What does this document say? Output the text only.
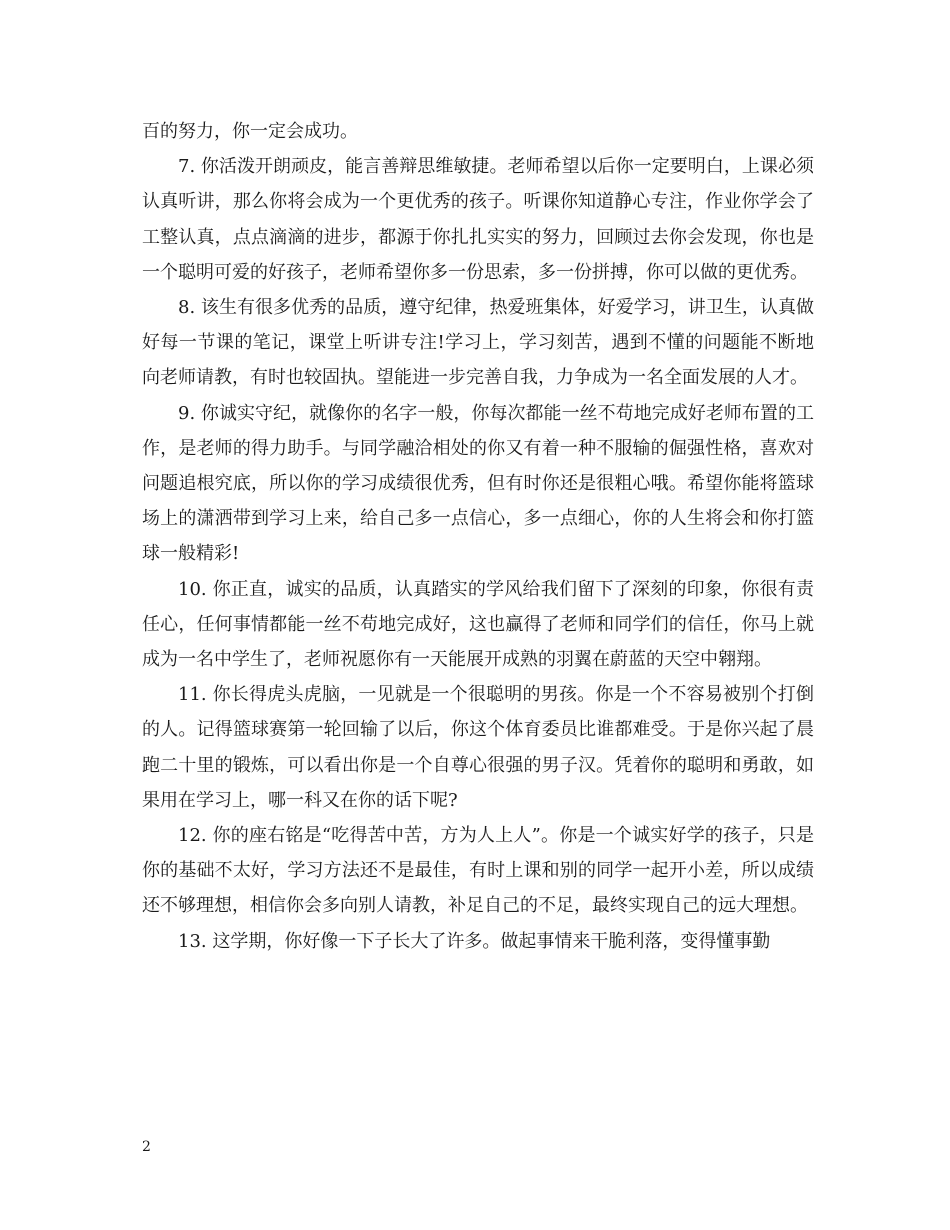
百的努力，你一定会成功。

7. 你活泼开朗顽皮，能言善辩思维敏捷。老师希望以后你一定要明白，上课必须认真听讲，那么你将会成为一个更优秀的孩子。听课你知道静心专注，作业你学会了工整认真，点点滴滴的进步，都源于你扎扎实实的努力，回顾过去你会发现，你也是一个聪明可爱的好孩子，老师希望你多一份思索，多一份拼搏，你可以做的更优秀。

8. 该生有很多优秀的品质，遵守纪律，热爱班集体，好爱学习，讲卫生，认真做好每一节课的笔记，课堂上听讲专注!学习上，学习刻苦，遇到不懂的问题能不断地向老师请教，有时也较固执。望能进一步完善自我，力争成为一名全面发展的人才。

9. 你诚实守纪，就像你的名字一般，你每次都能一丝不苟地完成好老师布置的工作，是老师的得力助手。与同学融洽相处的你又有着一种不服输的倔强性格，喜欢对问题追根究底，所以你的学习成绩很优秀，但有时你还是很粗心哦。希望你能将篮球场上的潇洒带到学习上来，给自己多一点信心，多一点细心，你的人生将会和你打篮球一般精彩!

10. 你正直，诚实的品质，认真踏实的学风给我们留下了深刻的印象，你很有责任心，任何事情都能一丝不苟地完成好，这也赢得了老师和同学们的信任，你马上就成为一名中学生了，老师祝愿你有一天能展开成熟的羽翼在蔚蓝的天空中翱翔。

11. 你长得虎头虎脑，一见就是一个很聪明的男孩。你是一个不容易被别个打倒的人。记得篮球赛第一轮回输了以后，你这个体育委员比谁都难受。于是你兴起了晨跑二十里的锻炼，可以看出你是一个自尊心很强的男子汉。凭着你的聪明和勇敢，如果用在学习上，哪一科又在你的话下呢?

12. 你的座右铭是“吃得苦中苦，方为人上人”。你是一个诚实好学的孩子，只是你的基础不太好，学习方法还不是最佳，有时上课和别的同学一起开小差，所以成绩还不够理想，相信你会多向别人请教，补足自己的不足，最终实现自己的远大理想。

13. 这学期，你好像一下子长大了许多。做起事情来干脆利落，变得懂事勤

2
